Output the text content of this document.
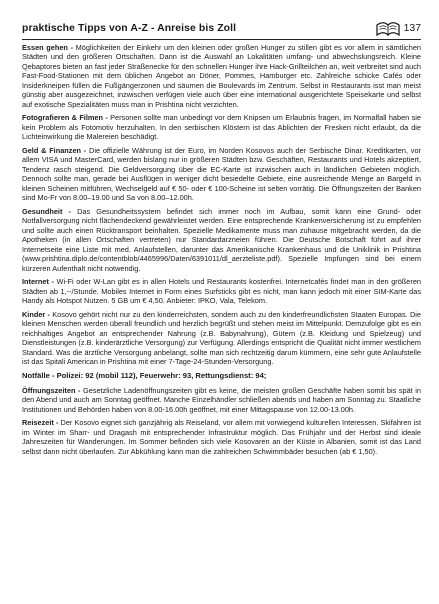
praktische Tipps von A-Z - Anreise bis Zoll	137

Essen gehen - Möglichkeiten der Einkehr um den kleinen oder großen Hunger zu stillen gibt es vor allem in sämtlichen Städten und den größeren Ortschaften. Dann ist die Auswahl an Lokalitäten umfang- und abwechslungsreich. Kleine Qebaptores bieten an fast jeder Straßenecke für den schnellen Hunger ihre Hack-Grillteilchen an, weit verbreitet sind auch Fast-Food-Stationen mit dem üblichen Angebot an Döner, Pommes, Hamburger etc. Zahlreiche schicke Cafés oder Insiderkneipen füllen die Fußgängerzonen und säumen die Boulevards im Zentrum. Selbst in Restaurants isst man meist günstig aber ausgezeichnet, inzwischen verfügen viele auch über eine international ausgerichtete Speisekarte und selbst auf exotische Spezialitäten muss man in Prishtina nicht verzichten.

Fotografieren & Filmen - Personen sollte man unbedingt vor dem Knipsen um Erlaubnis fragen, im Normalfall haben sie kein Problem als Fotomotiv herzuhalten. In den serbischen Klöstern ist das Ablichten der Fresken nicht erlaubt, da die Lichteinwirkung die Malereien beschädigt.

Geld & Finanzen - Die offizielle Währung ist der Euro, im Norden Kosovos auch der Serbische Dinar. Kreditkarten, vor allem VISA und MasterCard, werden bislang nur in größeren Städten bzw. Geschäften, Restaurants und Hotels akzeptiert, Tendenz rasch steigend. Die Geldversorgung über die EC-Karte ist inzwischen auch in ländlichen Gebieten möglich. Dennoch sollte man, gerade bei Ausflügen in weniger dicht besiedelte Gebiete, eine ausreichende Menge an Bargeld in kleinen Scheinen mitführen, Wechselgeld auf € 50- oder € 100-Scheine ist selten vorrätig. Die Öffnungszeiten der Banken sind Mo-Fr von 8.00–19.00 und Sa von 8.00–12.00h.

Gesundheit - Das Gesundheitssystem befindet sich immer noch im Aufbau, somit kann eine Grund- oder Notfallversorgung nicht flächendeckend gewährleistet werden. Eine entsprechende Krankenversicherung ist zu empfehlen und sollte auch einen Rücktransport beinhalten. Spezielle Medikamente muss man zuhause mitgebracht werden, da die Apotheken (in allen Ortschaften vertreten) nur Standardarzneien führen. Die Deutsche Botschaft führt auf ihrer Internetseite eine Liste mit med. Anlaufstellen, darunter das Amerikanische Krankenhaus und die Uniklinik in Prishtina (www.prishtina.diplo.de/contentblob/4465996/Daten/6391011/dl_aerzteliste.pdf). Spezielle Impfungen sind bei einem kürzeren Aufenthalt nicht notwendig.

Internet - Wi-Fi oder W-Lan gibt es in allen Hotels und Restaurants kostenfrei. Internetcafés findet man in den größeren Städten ab 1,--/Stunde. Mobiles Internet in Form eines Surfsticks gibt es nicht, man kann jedoch mit einer SIM-Karte das Handy als Hotspot Nutzen. 5 GB um € 4,50. Anbieter: IPKO, Vala, Telekom.

Kinder - Kosovo gehört nicht nur zu den kinderreichsten, sondern auch zu den kinderfreundlichsten Staaten Europas. Die kleinen Menschen werden überall freundlich und herzlich begrüßt und stehen meist im Mittelpunkt. Demzufolge gibt es ein reichhaltiges Angebot an entsprechender Nahrung (z.B. Babynahrung), Gütern (z.B. Kleidung und Spielzeug) und Dienstleistungen (z.B. kinderärztliche Versorgung) zur Verfügung. Allerdings entspricht die Qualität nicht immer westlichem Standard. Was die ärztliche Versorgung anbelangt, sollte man sich rechtzeitig darum kümmern, eine sehr gute Anlaufstelle ist das Spitali American in Prishtina mit einer 7-Tage-24-Stunden-Versorgung.

Notfälle - Polizei: 92 (mobil 112), Feuerwehr: 93, Rettungsdienst: 94;

Öffnungszeiten - Gesetzliche Ladenöffnungszeiten gibt es keine, die meisten großen Geschäfte haben somit bis spät in den Abend und auch am Sonntag geöffnet. Manche Einzelhändler schließen abends und haben am Sonntag zu. Staatliche Institutionen und Behörden haben von 8.00-16.00h geöffnet, mit einer Mittagspause von 12.00-13.00h.

Reisezeit - Der Kosovo eignet sich ganzjährig als Reiseland, vor allem mit vorwiegend kulturellen Interessen. Skifahren ist im Winter im Sharr- und Dragash mit entsprechender Infrastruktur möglich. Das Frühjahr und der Herbst sind ideale Jahreszeiten für Wanderungen. Im Sommer befinden sich viele Kosovaren an der Küste in Albanien, somit ist das Land selbst dann nicht überlaufen. Zur Abkühlung kann man die zahlreichen Schwimmbäder besuchen (ab € 1,50).
